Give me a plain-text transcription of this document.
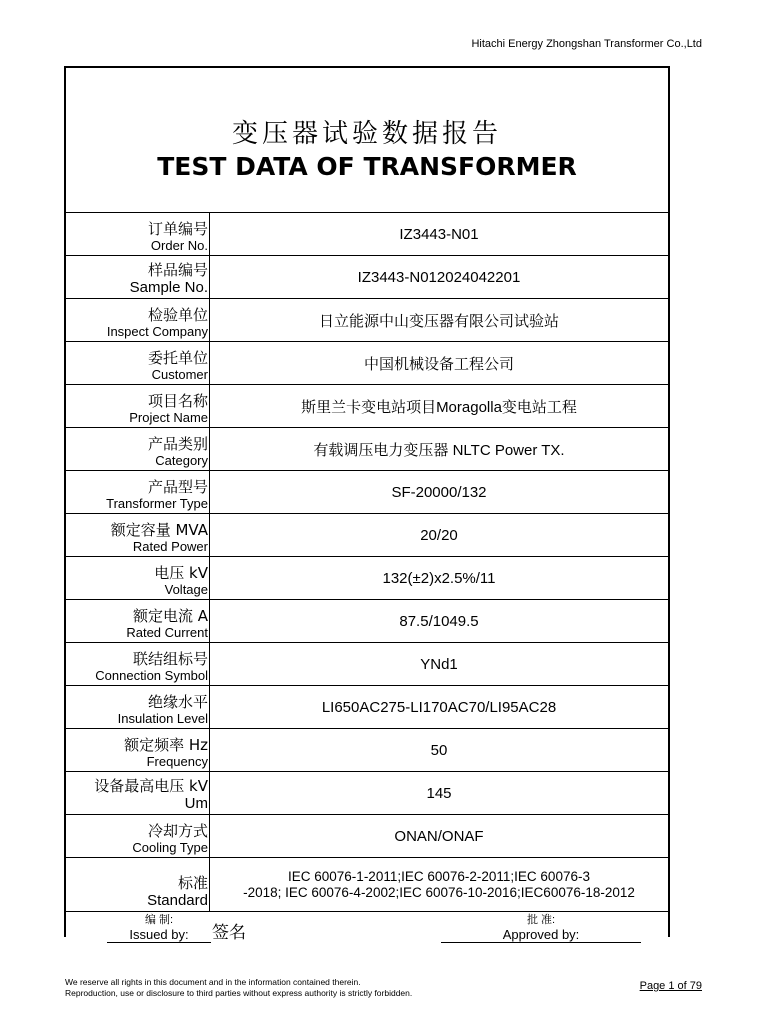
Hitachi Energy Zhongshan Transformer Co.,Ltd
变压器试验数据报告
TEST DATA OF TRANSFORMER
订单编号
Order No.
IZ3443-N01
样品编号
Sample No.
IZ3443-N012024042201
检验单位
Inspect Company
日立能源中山变压器有限公司试验站
委托单位
Customer
中国机械设备工程公司
项目名称
Project Name
斯里兰卡变电站项目Moragolla变电站工程
产品类别
Category
有载调压电力变压器 NLTC Power TX.
产品型号
Transformer Type
SF-20000/132
额定容量 MVA
Rated Power
20/20
电压 kV
Voltage
132(±2)x2.5%/11
额定电流 A
Rated Current
87.5/1049.5
联结组标号
Connection Symbol
YNd1
绝缘水平
Insulation Level
LI650AC275-LI170AC70/LI95AC28
额定频率 Hz
Frequency
50
设备最高电压 kV
Um
145
冷却方式
Cooling Type
ONAN/ONAF
标准
Standard
IEC 60076-1-2011;IEC 60076-2-2011;IEC 60076-3
-2018; IEC 60076-4-2002;IEC 60076-10-2016;IEC60076-18-2012
编 制:
Issued by:	签名
批 准:
Approved by:
We reserve all rights in this document and in the information contained therein.
Reproduction, use or disclosure to third parties without express authority is strictly forbidden.
Page 1 of 79
